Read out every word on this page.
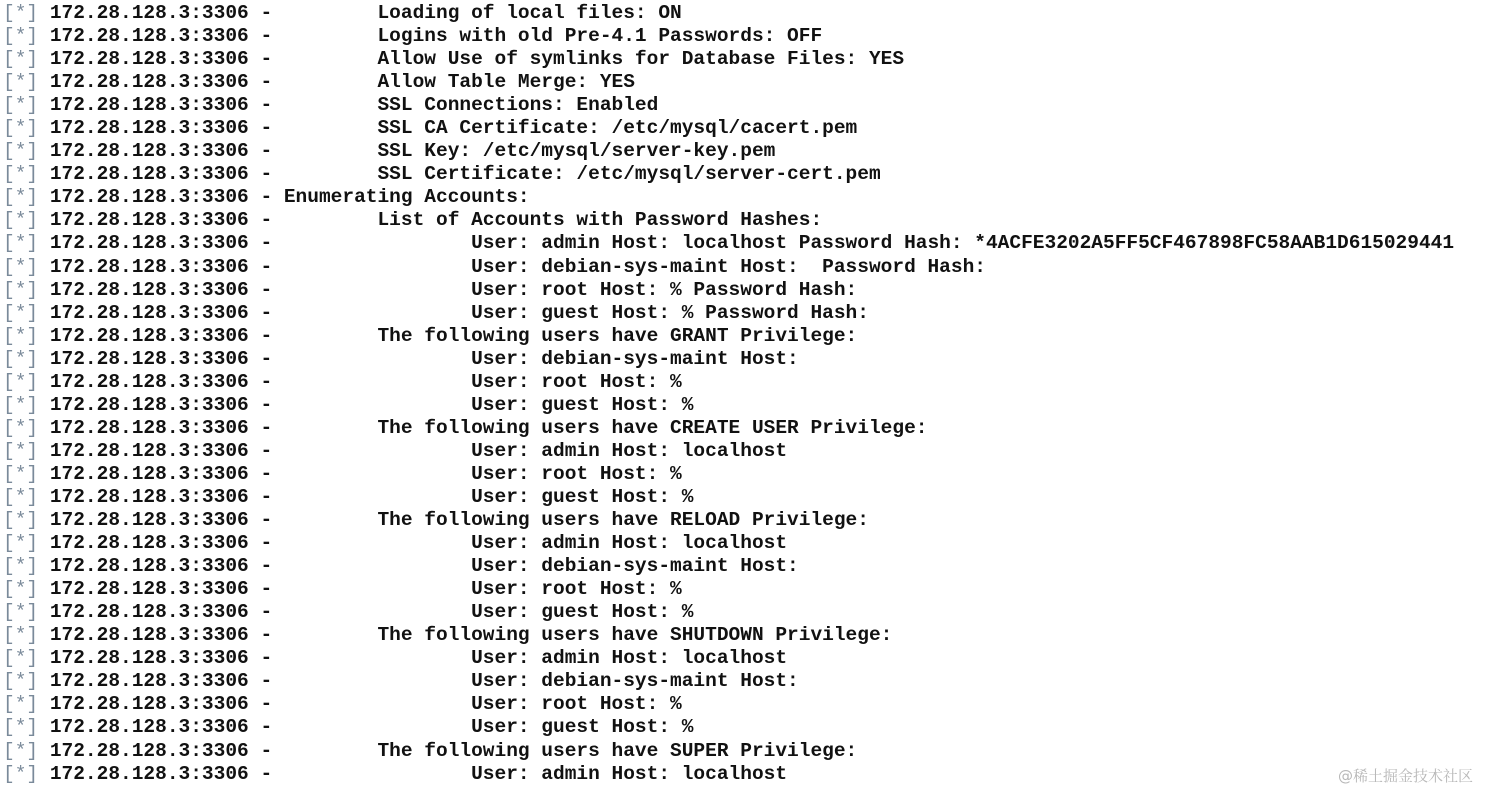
[*] 172.28.128.3:3306 -	Loading of local files: ON
[*] 172.28.128.3:3306 -	Logins with old Pre-4.1 Passwords: OFF
[*] 172.28.128.3:3306 -	Allow Use of symlinks for Database Files: YES
[*] 172.28.128.3:3306 -	Allow Table Merge: YES
[*] 172.28.128.3:3306 -	SSL Connections: Enabled
[*] 172.28.128.3:3306 -	SSL CA Certificate: /etc/mysql/cacert.pem
[*] 172.28.128.3:3306 -	SSL Key: /etc/mysql/server-key.pem
[*] 172.28.128.3:3306 -	SSL Certificate: /etc/mysql/server-cert.pem
[*] 172.28.128.3:3306 - Enumerating Accounts:
[*] 172.28.128.3:3306 -	List of Accounts with Password Hashes:
[*] 172.28.128.3:3306 -	User: admin Host: localhost Password Hash: *4ACFE3202A5FF5CF467898FC58AAB1D615029441
[*] 172.28.128.3:3306 -	User: debian-sys-maint Host:  Password Hash:
[*] 172.28.128.3:3306 -	User: root Host: % Password Hash:
[*] 172.28.128.3:3306 -	User: guest Host: % Password Hash:
[*] 172.28.128.3:3306 -	The following users have GRANT Privilege:
[*] 172.28.128.3:3306 -	User: debian-sys-maint Host:
[*] 172.28.128.3:3306 -	User: root Host: %
[*] 172.28.128.3:3306 -	User: guest Host: %
[*] 172.28.128.3:3306 -	The following users have CREATE USER Privilege:
[*] 172.28.128.3:3306 -	User: admin Host: localhost
[*] 172.28.128.3:3306 -	User: root Host: %
[*] 172.28.128.3:3306 -	User: guest Host: %
[*] 172.28.128.3:3306 -	The following users have RELOAD Privilege:
[*] 172.28.128.3:3306 -	User: admin Host: localhost
[*] 172.28.128.3:3306 -	User: debian-sys-maint Host:
[*] 172.28.128.3:3306 -	User: root Host: %
[*] 172.28.128.3:3306 -	User: guest Host: %
[*] 172.28.128.3:3306 -	The following users have SHUTDOWN Privilege:
[*] 172.28.128.3:3306 -	User: admin Host: localhost
[*] 172.28.128.3:3306 -	User: debian-sys-maint Host:
[*] 172.28.128.3:3306 -	User: root Host: %
[*] 172.28.128.3:3306 -	User: guest Host: %
[*] 172.28.128.3:3306 -	The following users have SUPER Privilege:
[*] 172.28.128.3:3306 -	User: admin Host: localhost	@稀土掘金技术社区
